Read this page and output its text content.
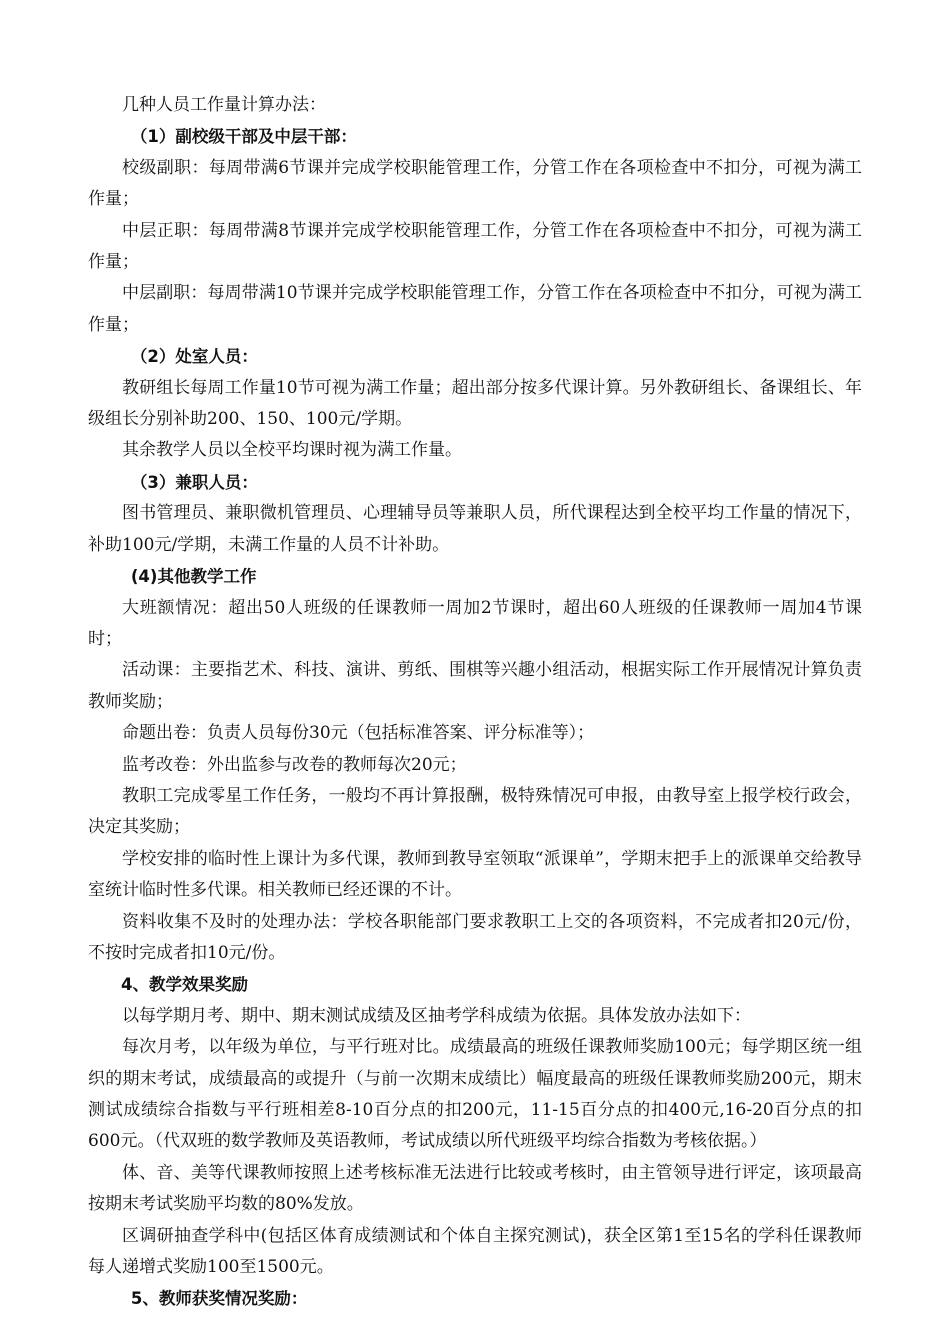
几种人员工作量计算办法：

（1）副校级干部及中层干部：

校级副职：每周带满6节课并完成学校职能管理工作，分管工作在各项检查中不扣分，可视为满工作量；

中层正职：每周带满8节课并完成学校职能管理工作，分管工作在各项检查中不扣分，可视为满工作量；

中层副职：每周带满10节课并完成学校职能管理工作，分管工作在各项检查中不扣分，可视为满工作量；

（2）处室人员：

教研组长每周工作量10节可视为满工作量；超出部分按多代课计算。另外教研组长、备课组长、年级组长分别补助200、150、100元/学期。

其余教学人员以全校平均课时视为满工作量。

（3）兼职人员：

图书管理员、兼职微机管理员、心理辅导员等兼职人员，所代课程达到全校平均工作量的情况下，补助100元/学期，未满工作量的人员不计补助。

(4)其他教学工作

大班额情况：超出50人班级的任课教师一周加2节课时，超出60人班级的任课教师一周加4节课时；

活动课：主要指艺术、科技、演讲、剪纸、围棋等兴趣小组活动，根据实际工作开展情况计算负责教师奖励；

命题出卷：负责人员每份30元（包括标准答案、评分标准等）；

监考改卷：外出监参与改卷的教师每次20元；

教职工完成零星工作任务，一般均不再计算报酬，极特殊情况可申报，由教导室上报学校行政会，决定其奖励；

学校安排的临时性上课计为多代课，教师到教导室领取“派课单”，学期末把手上的派课单交给教导室统计临时性多代课。相关教师已经还课的不计。

资料收集不及时的处理办法：学校各职能部门要求教职工上交的各项资料，不完成者扣20元/份，不按时完成者扣10元/份。

4、教学效果奖励

以每学期月考、期中、期末测试成绩及区抽考学科成绩为依据。具体发放办法如下：

每次月考，以年级为单位，与平行班对比。成绩最高的班级任课教师奖励100元；每学期区统一组织的期末考试，成绩最高的或提升（与前一次期末成绩比）幅度最高的班级任课教师奖励200元，期末测试成绩综合指数与平行班相差8-10百分点的扣200元，11-15百分点的扣400元,16-20百分点的扣600元。（代双班的数学教师及英语教师，考试成绩以所代班级平均综合指数为考核依据。）

体、音、美等代课教师按照上述考核标准无法进行比较或考核时，由主管领导进行评定，该项最高按期末考试奖励平均数的80%发放。

区调研抽查学科中(包括区体育成绩测试和个体自主探究测试)，获全区第1至15名的学科任课教师每人递增式奖励100至1500元。

5、教师获奖情况奖励：
